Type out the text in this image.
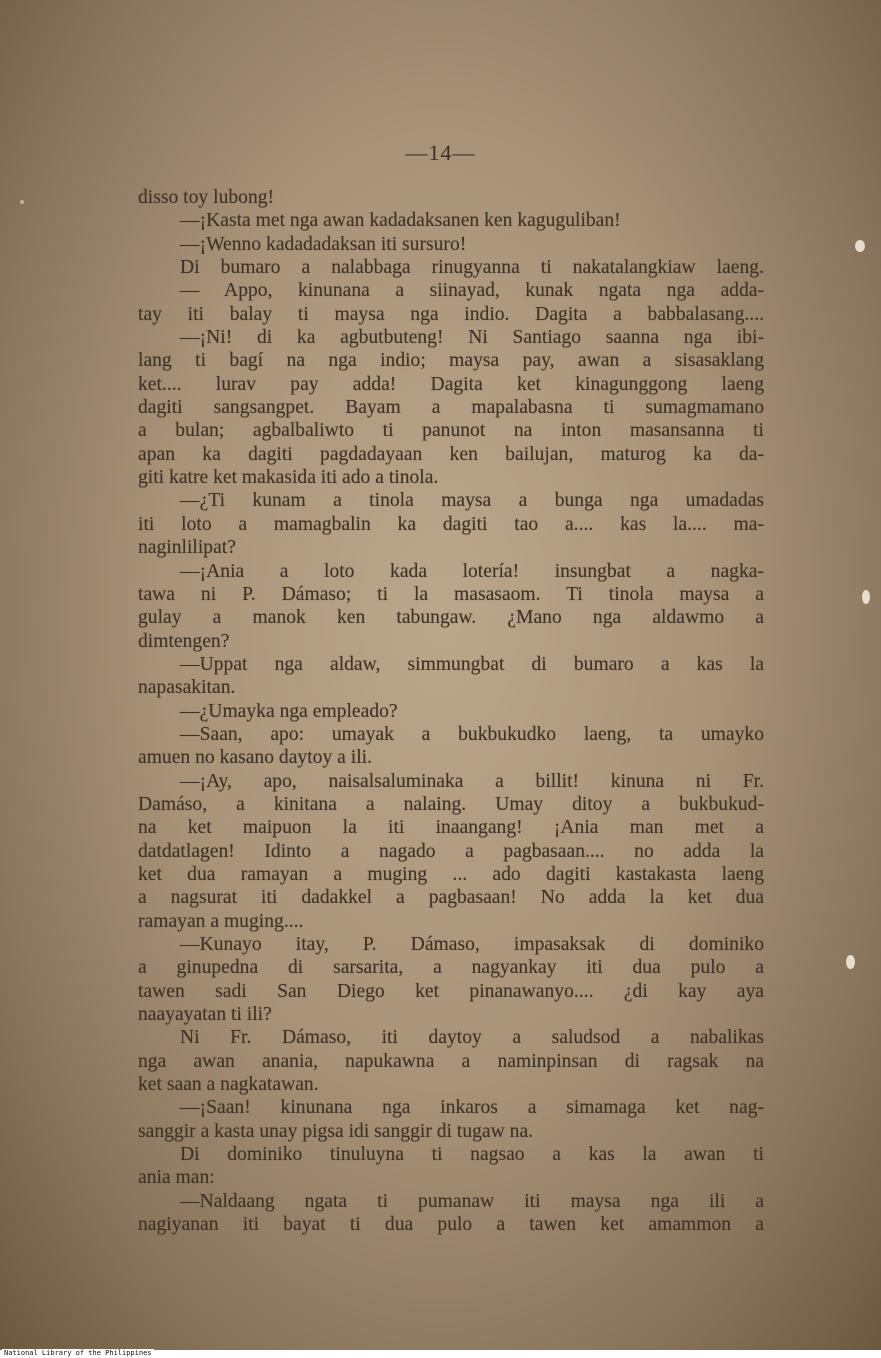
—14—
disso toy lubong!
—¡Kasta met nga awan kadadaksanen ken kaguguliban!
—¡Wenno kadadadaksan iti sursuro!
Di bumaro a nalabbaga rinugyanna ti nakatalangkiaw laeng.
— Appo, kinunana a siinayad, kunak ngata nga adda-
tay iti balay ti maysa nga indio. Dagita a babbalasang....
—¡Ni! di ka agbutbuteng! Ni Santiago saanna nga ibi-
lang ti bagí na nga indio; maysa pay, awan a sisasaklang
ket.... lurav pay adda! Dagita ket kinagunggong laeng
dagiti sangsangpet. Bayam a mapalabasna ti sumagmamano
a bulan; agbalbaliwto ti panunot na inton masansanna ti
apan ka dagiti pagdadayaan ken bailujan, maturog ka da-
giti katre ket makasida iti ado a tinola.
—¿Ti kunam a tinola maysa a bunga nga umadadas
iti loto a mamagbalin ka dagiti tao a.... kas la.... ma-
naginlilipat?
—¡Ania a loto kada lotería! insungbat a nagka-
tawa ni P. Dámaso; ti la masasaom. Ti tinola maysa a
gulay a manok ken tabungaw. ¿Mano nga aldawmo a
dimtengen?
—Uppat nga aldaw, simmungbat di bumaro a kas la
napasakitan.
—¿Umayka nga empleado?
—Saan, apo: umayak a bukbukudko laeng, ta umayko
amuen no kasano daytoy a ili.
—¡Ay, apo, naisalsaluminaka a billit! kinuna ni Fr.
Damáso, a kinitana a nalaing. Umay ditoy a bukbukud-
na ket maipuon la iti inaangang! ¡Ania man met a
datdatlagen! Idinto a nagado a pagbasaan.... no adda la
ket dua ramayan a muging ... ado dagiti kastakasta laeng
a nagsurat iti dadakkel a pagbasaan! No adda la ket dua
ramayan a muging....
—Kunayo itay, P. Dámaso, impasaksak di dominiko
a ginupedna di sarsarita, a nagyankay iti dua pulo a
tawen sadi San Diego ket pinanawanyo.... ¿di kay aya
naayayatan ti ili?
Ni Fr. Dámaso, iti daytoy a saludsod a nabalikas
nga awan anania, napukawna a naminpinsan di ragsak na
ket saan a nagkatawan.
—¡Saan! kinunana nga inkaros a simamaga ket nag-
sanggir a kasta unay pigsa idi sanggir di tugaw na.
Di dominiko tinuluyna ti nagsao a kas la awan ti
ania man:
—Naldaang ngata ti pumanaw iti maysa nga ili a
nagiyanan iti bayat ti dua pulo a tawen ket amammon a
National Library of the Philippines
